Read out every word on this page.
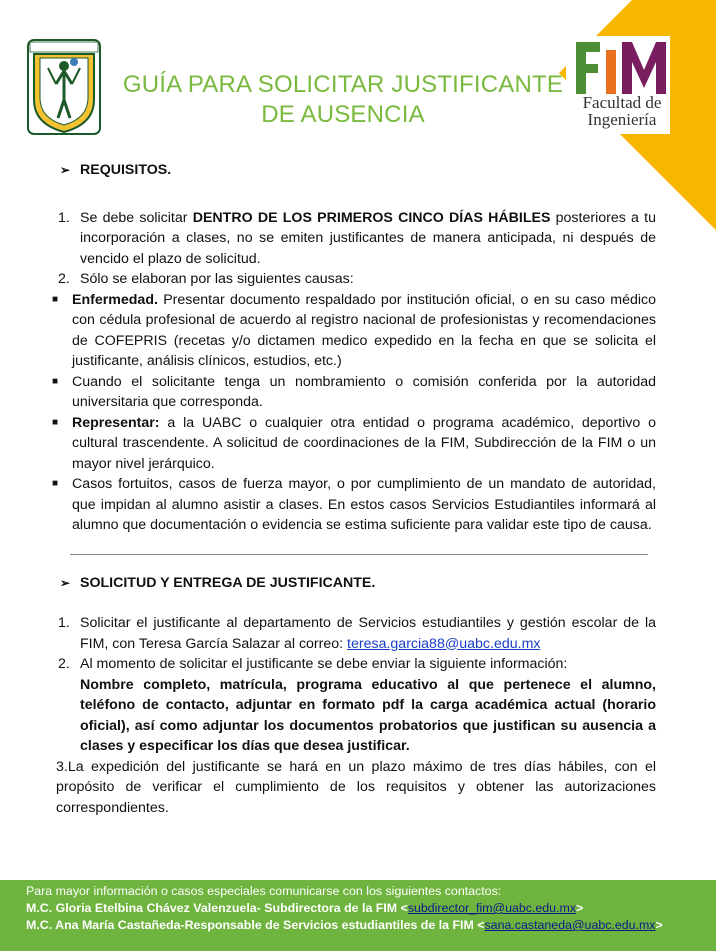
GUÍA PARA SOLICITAR JUSTIFICANTE
DE AUSENCIA	Facultad de
Ingeniería
➢ REQUISITOS.
1. Se debe solicitar DENTRO DE LOS PRIMEROS CINCO DÍAS HÁBILES posteriores a tu incorporación a clases, no se emiten justificantes de manera anticipada, ni después de vencido el plazo de solicitud.
2. Sólo se elaboran por las siguientes causas:
■ Enfermedad. Presentar documento respaldado por institución oficial, o en su caso médico con cédula profesional de acuerdo al registro nacional de profesionistas y recomendaciones de COFEPRIS (recetas y/o dictamen medico expedido en la fecha en que se solicita el justificante, análisis clínicos, estudios, etc.)
■ Cuando el solicitante tenga un nombramiento o comisión conferida por la autoridad universitaria que corresponda.
■ Representar: a la UABC o cualquier otra entidad o programa académico, deportivo o cultural trascendente. A solicitud de coordinaciones de la FIM, Subdirección de la FIM o un mayor nivel jerárquico.
■ Casos fortuitos, casos de fuerza mayor, o por cumplimiento de un mandato de autoridad, que impidan al alumno asistir a clases. En estos casos Servicios Estudiantiles informará al alumno que documentación o evidencia se estima suficiente para validar este tipo de causa.
➢ SOLICITUD Y ENTREGA DE JUSTIFICANTE.
1. Solicitar el justificante al departamento de Servicios estudiantiles y gestión escolar de la FIM, con Teresa García Salazar al correo: teresa.garcia88@uabc.edu.mx
2. Al momento de solicitar el justificante se debe enviar la siguiente información:
Nombre completo, matrícula, programa educativo al que pertenece el alumno, teléfono de contacto, adjuntar en formato pdf la carga académica actual (horario oficial), así como adjuntar los documentos probatorios que justifican su ausencia a clases y especificar los días que desea justificar.
3.La expedición del justificante se hará en un plazo máximo de tres días hábiles, con el propósito de verificar el cumplimiento de los requisitos y obtener las autorizaciones correspondientes.
Para mayor información o casos especiales comunicarse con los siguientes contactos:
M.C. Gloria Etelbina Chávez Valenzuela- Subdirectora de la FIM <subdirector_fim@uabc.edu.mx>
M.C. Ana María Castañeda-Responsable de Servicios estudiantiles de la FIM <sana.castaneda@uabc.edu.mx>
